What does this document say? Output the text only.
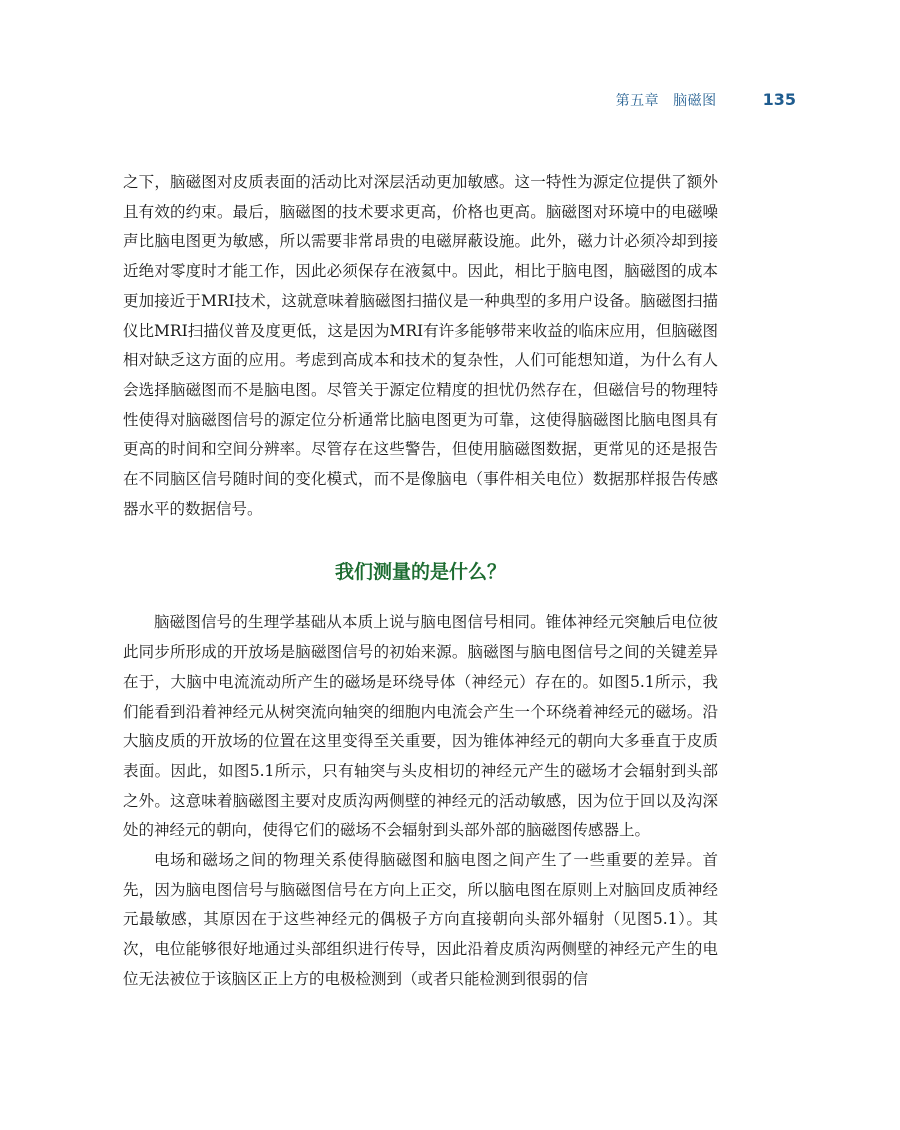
第五章 脑磁图	135

之下，脑磁图对皮质表面的活动比对深层活动更加敏感。这一特性为源定位提供了额外且有效的约束。最后，脑磁图的技术要求更高，价格也更高。脑磁图对环境中的电磁噪声比脑电图更为敏感，所以需要非常昂贵的电磁屏蔽设施。此外，磁力计必须冷却到接近绝对零度时才能工作，因此必须保存在液氦中。因此，相比于脑电图，脑磁图的成本更加接近于MRI技术，这就意味着脑磁图扫描仪是一种典型的多用户设备。脑磁图扫描仪比MRI扫描仪普及度更低，这是因为MRI有许多能够带来收益的临床应用，但脑磁图相对缺乏这方面的应用。考虑到高成本和技术的复杂性，人们可能想知道，为什么有人会选择脑磁图而不是脑电图。尽管关于源定位精度的担忧仍然存在，但磁信号的物理特性使得对脑磁图信号的源定位分析通常比脑电图更为可靠，这使得脑磁图比脑电图具有更高的时间和空间分辨率。尽管存在这些警告，但使用脑磁图数据，更常见的还是报告在不同脑区信号随时间的变化模式，而不是像脑电（事件相关电位）数据那样报告传感器水平的数据信号。

我们测量的是什么？

脑磁图信号的生理学基础从本质上说与脑电图信号相同。锥体神经元突触后电位彼此同步所形成的开放场是脑磁图信号的初始来源。脑磁图与脑电图信号之间的关键差异在于，大脑中电流流动所产生的磁场是环绕导体（神经元）存在的。如图5.1所示，我们能看到沿着神经元从树突流向轴突的细胞内电流会产生一个环绕着神经元的磁场。沿大脑皮质的开放场的位置在这里变得至关重要，因为锥体神经元的朝向大多垂直于皮质表面。因此，如图5.1所示，只有轴突与头皮相切的神经元产生的磁场才会辐射到头部之外。这意味着脑磁图主要对皮质沟两侧壁的神经元的活动敏感，因为位于回以及沟深处的神经元的朝向，使得它们的磁场不会辐射到头部外部的脑磁图传感器上。

电场和磁场之间的物理关系使得脑磁图和脑电图之间产生了一些重要的差异。首先，因为脑电图信号与脑磁图信号在方向上正交，所以脑电图在原则上对脑回皮质神经元最敏感，其原因在于这些神经元的偶极子方向直接朝向头部外辐射（见图5.1）。其次，电位能够很好地通过头部组织进行传导，因此沿着皮质沟两侧壁的神经元产生的电位无法被位于该脑区正上方的电极检测到（或者只能检测到很弱的信
